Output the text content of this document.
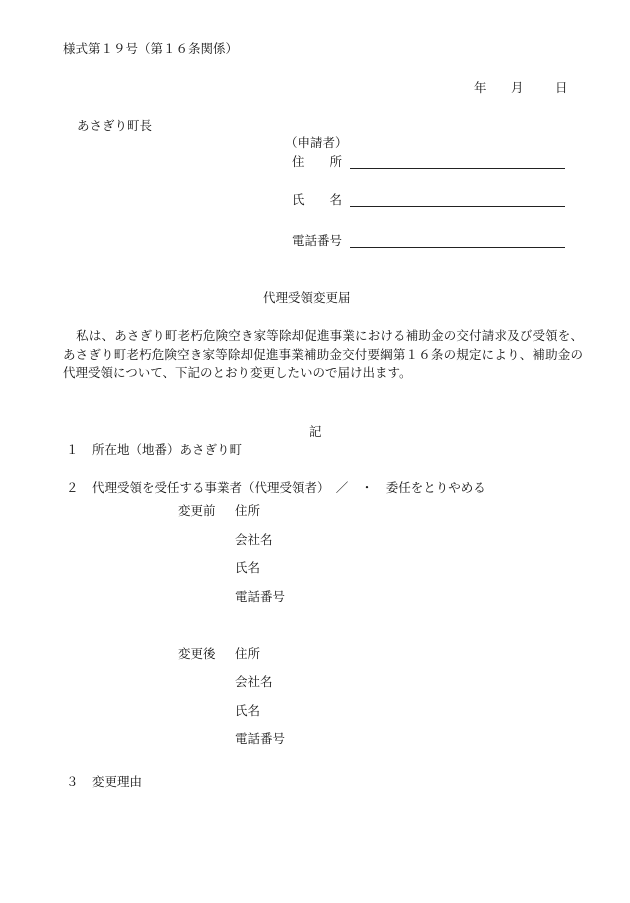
様式第１９号（第１６条関係）
年 月	日
あさぎり町長
（申請者）
住　　所
氏　　名
電話番号
代理受領変更届
私は、あさぎり町老朽危険空き家等除却促進事業における補助金の交付請求及び受領を、あさぎり町老朽危険空き家等除却促進事業補助金交付要綱第１６条の規定により、補助金の代理受領について、下記のとおり変更したいので届け出ます。
記
１ 所在地（地番）あさぎり町
２ 代理受領を受任する事業者（代理受領者）　／　・　委任をとりやめる
変更前 住所
会社名
氏名
電話番号
変更後 住所
会社名
氏名
電話番号
３ 変更理由
